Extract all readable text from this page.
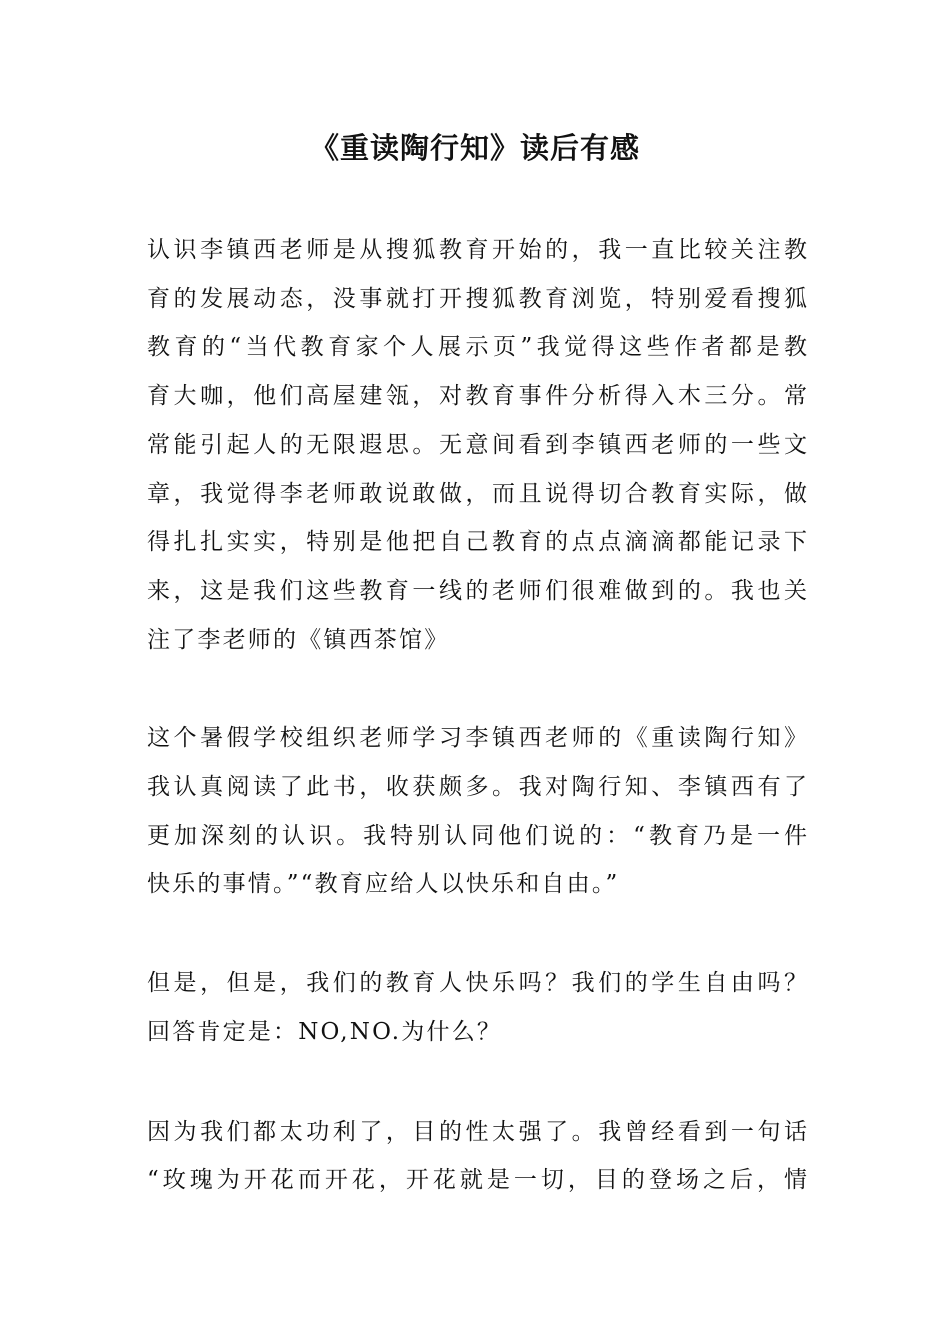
《重读陶行知》读后有感

认识李镇西老师是从搜狐教育开始的，我一直比较关注教
育的发展动态，没事就打开搜狐教育浏览，特别爱看搜狐
教育的“当代教育家个人展示页”我觉得这些作者都是教
育大咖，他们高屋建瓴，对教育事件分析得入木三分。常
常能引起人的无限遐思。无意间看到李镇西老师的一些文
章，我觉得李老师敢说敢做，而且说得切合教育实际，做
得扎扎实实，特别是他把自己教育的点点滴滴都能记录下
来，这是我们这些教育一线的老师们很难做到的。我也关
注了李老师的《镇西茶馆》

这个暑假学校组织老师学习李镇西老师的《重读陶行知》
我认真阅读了此书，收获颇多。我对陶行知、李镇西有了
更加深刻的认识。我特别认同他们说的：“教育乃是一件
快乐的事情。”“教育应给人以快乐和自由。”

但是，但是，我们的教育人快乐吗？我们的学生自由吗？
回答肯定是：NO,NO.为什么？

因为我们都太功利了，目的性太强了。我曾经看到一句话
“玫瑰为开花而开花，开花就是一切，目的登场之后，情
